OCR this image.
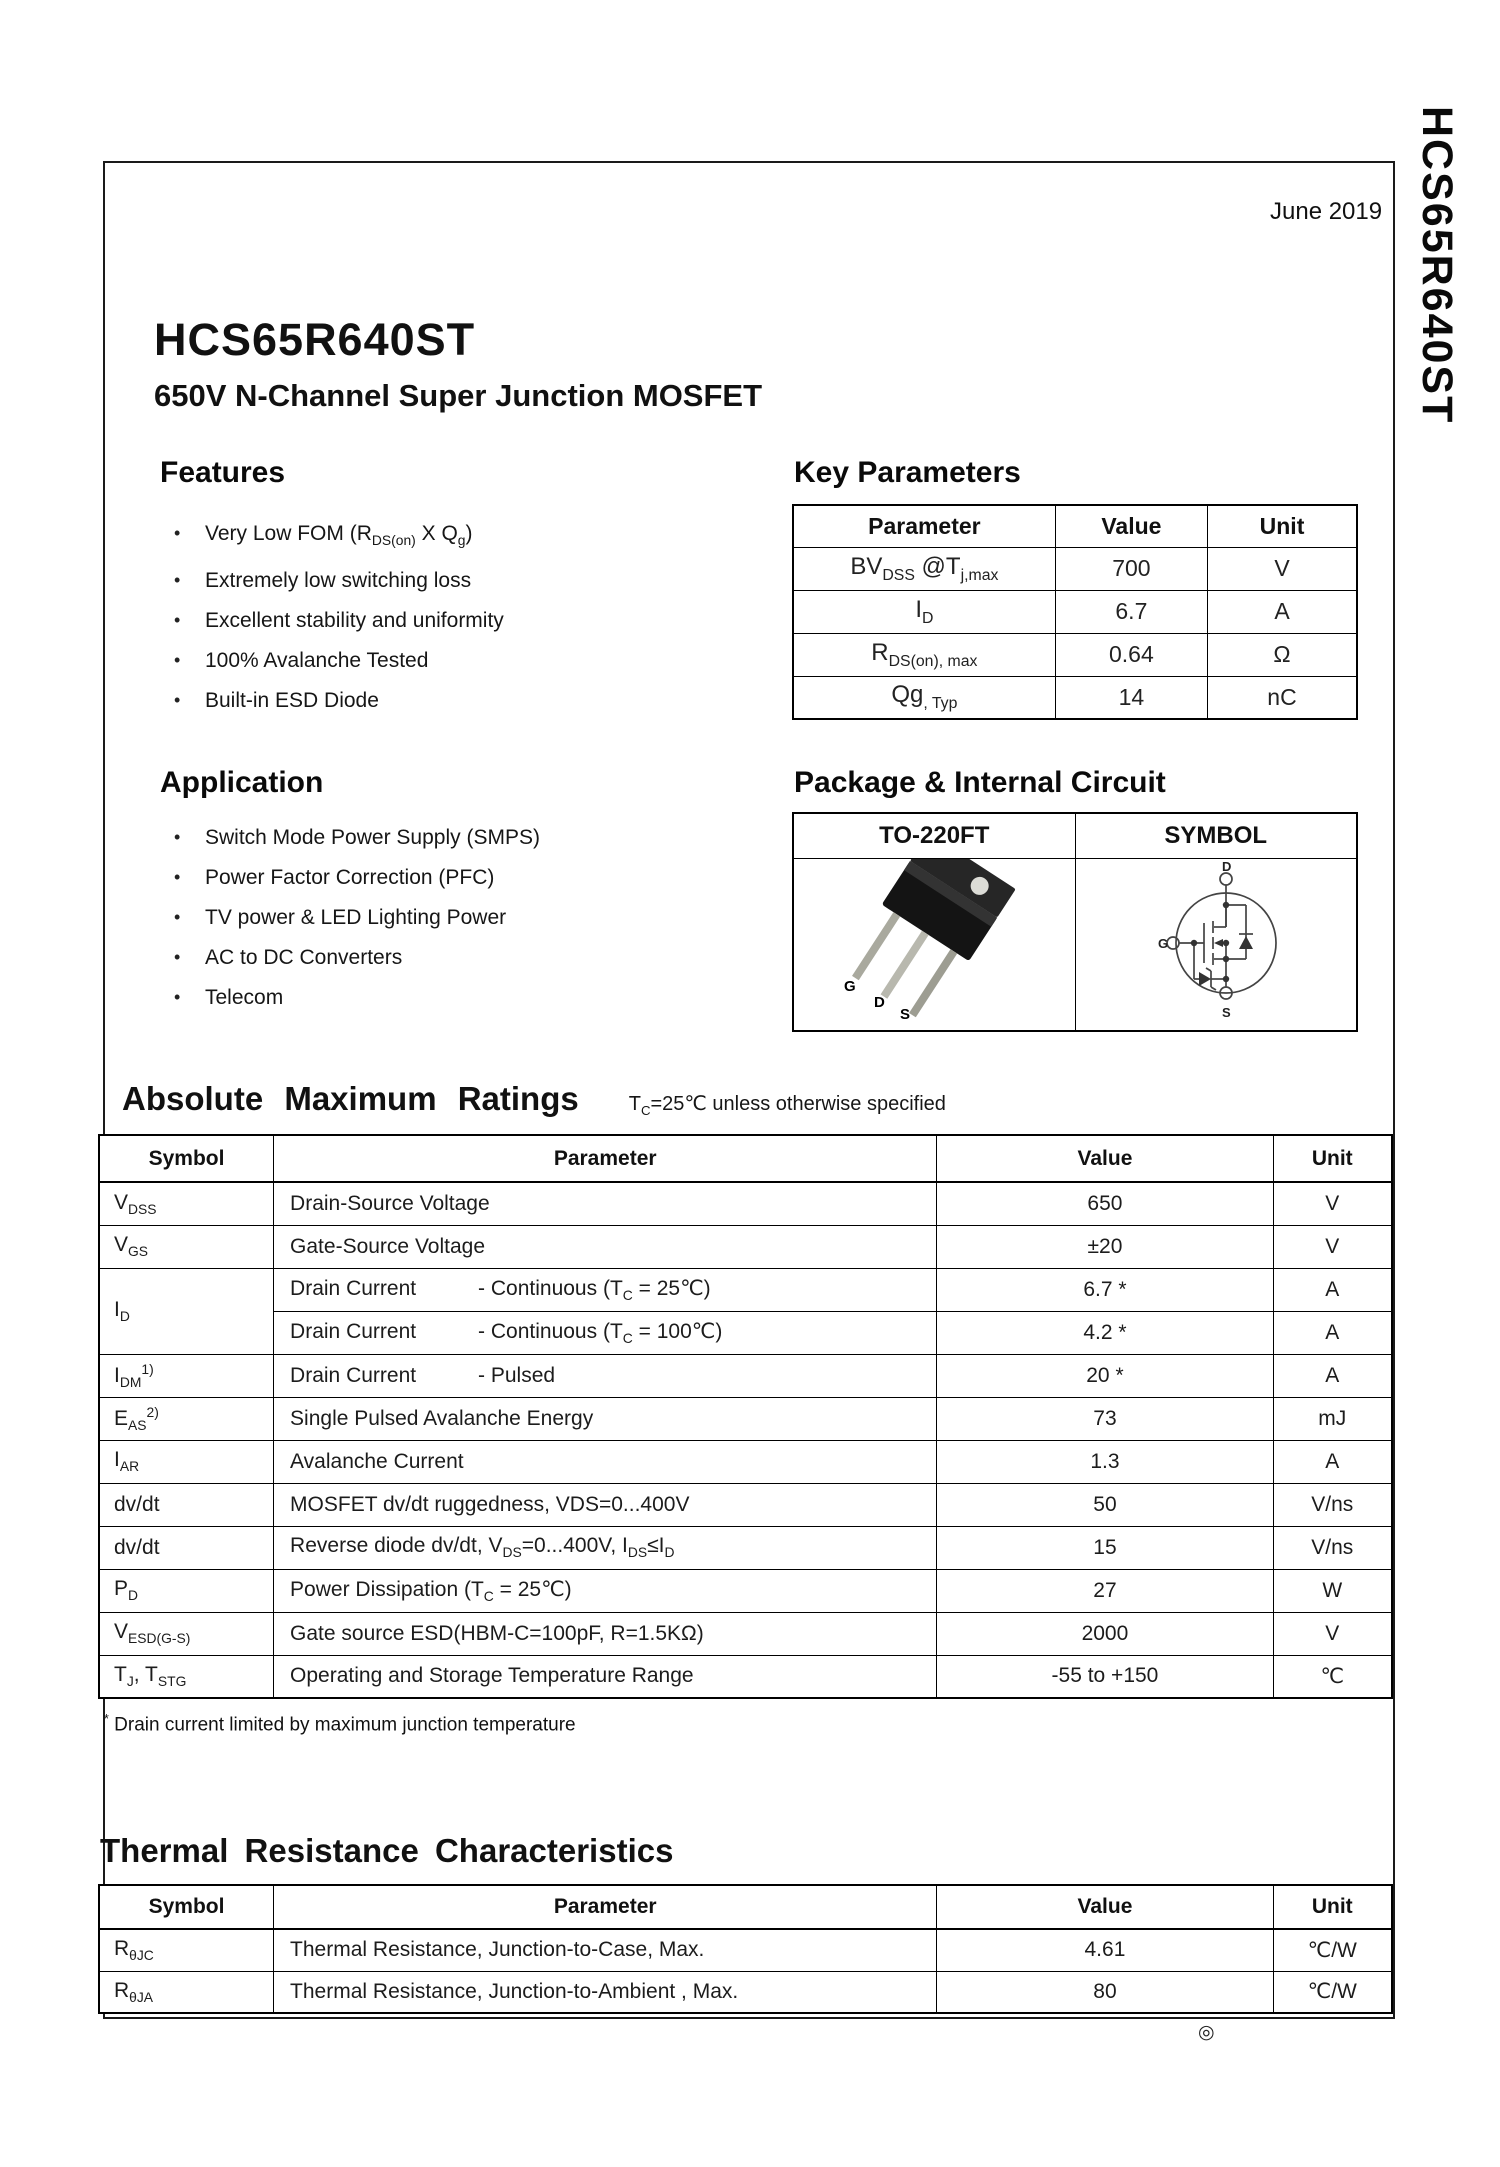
HCS65R640ST
June 2019
HCS65R640ST
650V N-Channel Super Junction MOSFET
Features
• Very Low FOM ($R_{DS(on)}$ X $Q_g$)
• Extremely low switching loss
• Excellent stability and uniformity
• 100% Avalanche Tested
• Built-in ESD Diode
Key Parameters
Parameter	Value	Unit
$BV_{DSS}$ $@T_{j,max}$	700	V
$I_D$	6.7	A
$R_{DS(on), max}$	0.64	Ω
$Qg_{, Typ}$	14	nC
Application
• Switch Mode Power Supply (SMPS)
• Power Factor Correction (PFC)
• TV power & LED Lighting Power
• AC to DC Converters
• Telecom
Package & Internal Circuit
TO-220FT	SYMBOL

G
D
S	D
G
S
Absolute Maximum Ratings	$T_C=25℃$ unless otherwise specified
Symbol	Parameter	Value	Unit
$V_{DSS}$	Drain-Source Voltage	650	V
$V_{GS}$	Gate-Source Voltage	±20	V
$I_D$	Drain Current - Continuous ($T_C$ = 25℃)	6.7 *	A
	Drain Current - Continuous ($T_C$ = 100℃)	4.2 *	A
$I_{DM}^{1)}$	Drain Current - Pulsed	20 *	A
$E_{AS}^{2)}$	Single Pulsed Avalanche Energy	73	mJ
$I_{AR}$	Avalanche Current	1.3	A
dv/dt	MOSFET dv/dt ruggedness, VDS=0...400V	50	V/ns
dv/dt	Reverse diode dv/dt, $V_{DS}=0...400V$, $I_{DS}\le I_D$	15	V/ns
$P_D$	Power Dissipation ($T_C$ = 25℃)	27	W
$V_{ESD(G-S)}$	Gate source ESD(HBM-C=100pF, R=1.5KΩ)	2000	V
$T_J$, $T_{STG}$	Operating and Storage Temperature Range	-55 to +150	℃
* Drain current limited by maximum junction temperature
Thermal Resistance Characteristics
Symbol	Parameter	Value	Unit
$R_{\theta JC}$	Thermal Resistance, Junction-to-Case, Max.	4.61	℃/W
$R_{\theta JA}$	Thermal Resistance, Junction-to-Ambient , Max.	80	℃/W
◎
